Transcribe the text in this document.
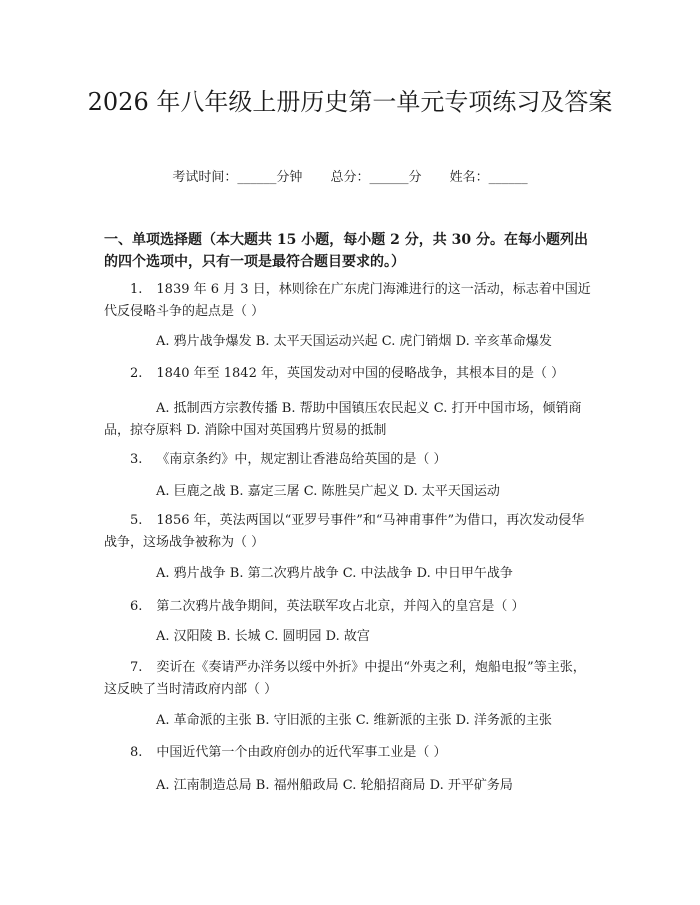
2026 年八年级上册历史第一单元专项练习及答案
考试时间：______分钟 总分：______分 姓名：______

一、单项选择题（本大题共 15 小题，每小题 2 分，共 30 分。在每小题列出的四个选项中，只有一项是最符合题目要求的。）

1. 1839 年 6 月 3 日，林则徐在广东虎门海滩进行的这一活动，标志着中国近代反侵略斗争的起点是（ ）
A. 鸦片战争爆发 B. 太平天国运动兴起 C. 虎门销烟 D. 辛亥革命爆发
2. 1840 年至 1842 年，英国发动对中国的侵略战争，其根本目的是（ ）
A. 抵制西方宗教传播 B. 帮助中国镇压农民起义 C. 打开中国市场，倾销商品，掠夺原料 D. 消除中国对英国鸦片贸易的抵制
3. 《南京条约》中，规定割让香港岛给英国的是（ ）
A. 巨鹿之战 B. 嘉定三屠 C. 陈胜吴广起义 D. 太平天国运动
5. 1856 年，英法两国以“亚罗号事件”和“马神甫事件”为借口，再次发动侵华战争，这场战争被称为（ ）
A. 鸦片战争 B. 第二次鸦片战争 C. 中法战争 D. 中日甲午战争
6. 第二次鸦片战争期间，英法联军攻占北京，并闯入的皇宫是（ ）
A. 汉阳陵 B. 长城 C. 圆明园 D. 故宫
7. 奕䜣在《奏请严办洋务以绥中外折》中提出“外夷之利，炮船电报”等主张，这反映了当时清政府内部（ ）
A. 革命派的主张 B. 守旧派的主张 C. 维新派的主张 D. 洋务派的主张
8. 中国近代第一个由政府创办的近代军事工业是（ ）
A. 江南制造总局 B. 福州船政局 C. 轮船招商局 D. 开平矿务局
